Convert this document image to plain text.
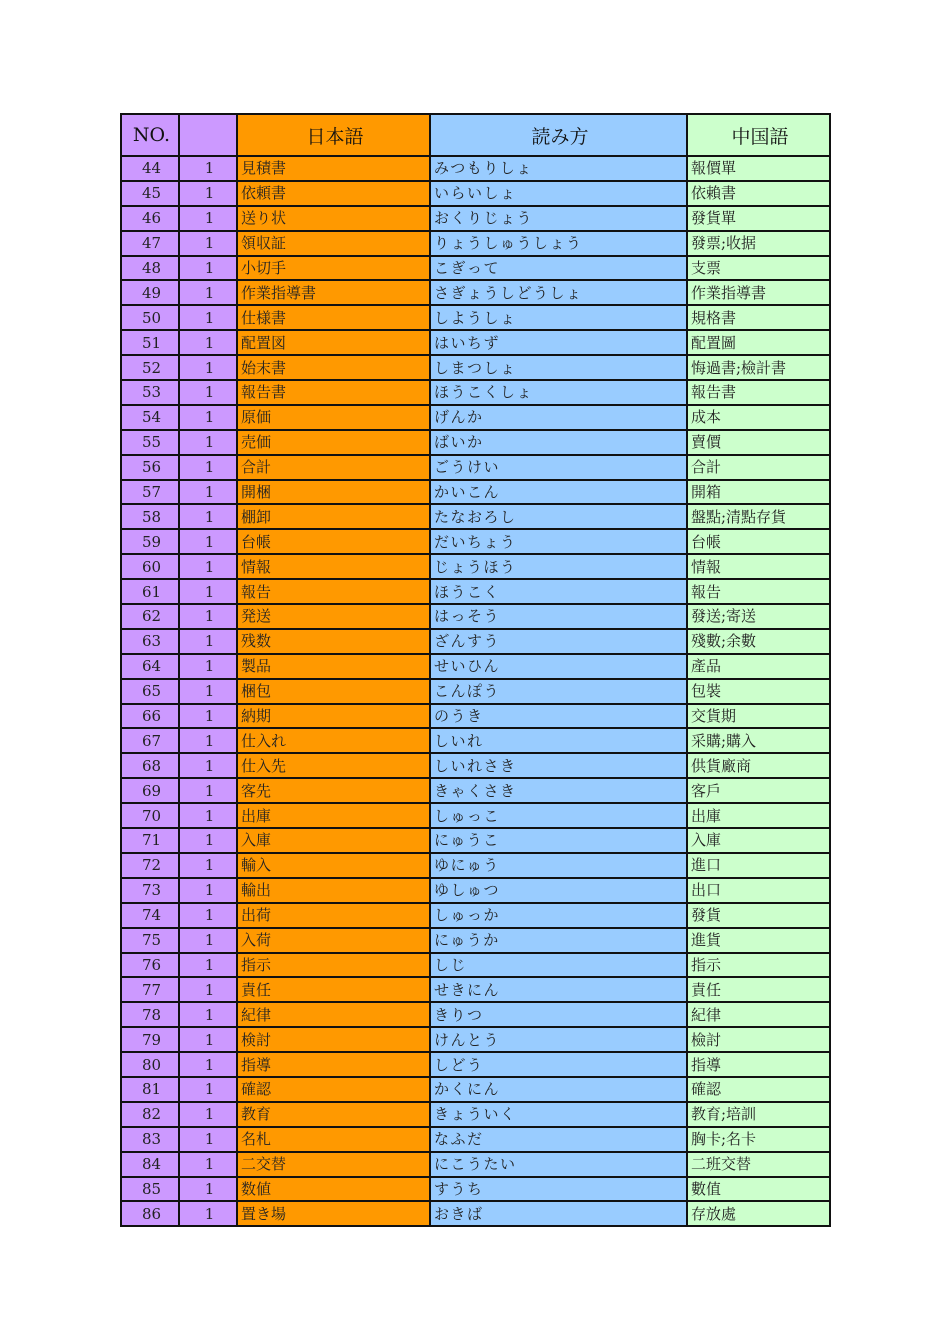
NO.		日本語	読み方	中国語
44	1	見積書	みつもりしょ	報價單
45	1	依頼書	いらいしょ	依賴書
46	1	送り状	おくりじょう	發貨單
47	1	領収証	りょうしゅうしょう	發票;收据
48	1	小切手	こぎって	支票
49	1	作業指導書	さぎょうしどうしょ	作業指導書
50	1	仕様書	しようしょ	規格書
51	1	配置図	はいちず	配置圖
52	1	始末書	しまつしょ	悔過書;檢計書
53	1	報告書	ほうこくしょ	報告書
54	1	原価	げんか	成本
55	1	売価	ばいか	賣價
56	1	合計	ごうけい	合計
57	1	開梱	かいこん	開箱
58	1	棚卸	たなおろし	盤點;清點存貨
59	1	台帳	だいちょう	台帳
60	1	情報	じょうほう	情報
61	1	報告	ほうこく	報告
62	1	発送	はっそう	發送;寄送
63	1	残数	ざんすう	殘數;余數
64	1	製品	せいひん	產品
65	1	梱包	こんぽう	包裝
66	1	納期	のうき	交貨期
67	1	仕入れ	しいれ	采購;購入
68	1	仕入先	しいれさき	供貨廠商
69	1	客先	きゃくさき	客戶
70	1	出庫	しゅっこ	出庫
71	1	入庫	にゅうこ	入庫
72	1	輸入	ゆにゅう	進口
73	1	輸出	ゆしゅつ	出口
74	1	出荷	しゅっか	發貨
75	1	入荷	にゅうか	進貨
76	1	指示	しじ	指示
77	1	責任	せきにん	責任
78	1	紀律	きりつ	紀律
79	1	検討	けんとう	檢討
80	1	指導	しどう	指導
81	1	確認	かくにん	確認
82	1	教育	きょういく	教育;培訓
83	1	名札	なふだ	胸卡;名卡
84	1	二交替	にこうたい	二班交替
85	1	数値	すうち	數值
86	1	置き場	おきば	存放處
